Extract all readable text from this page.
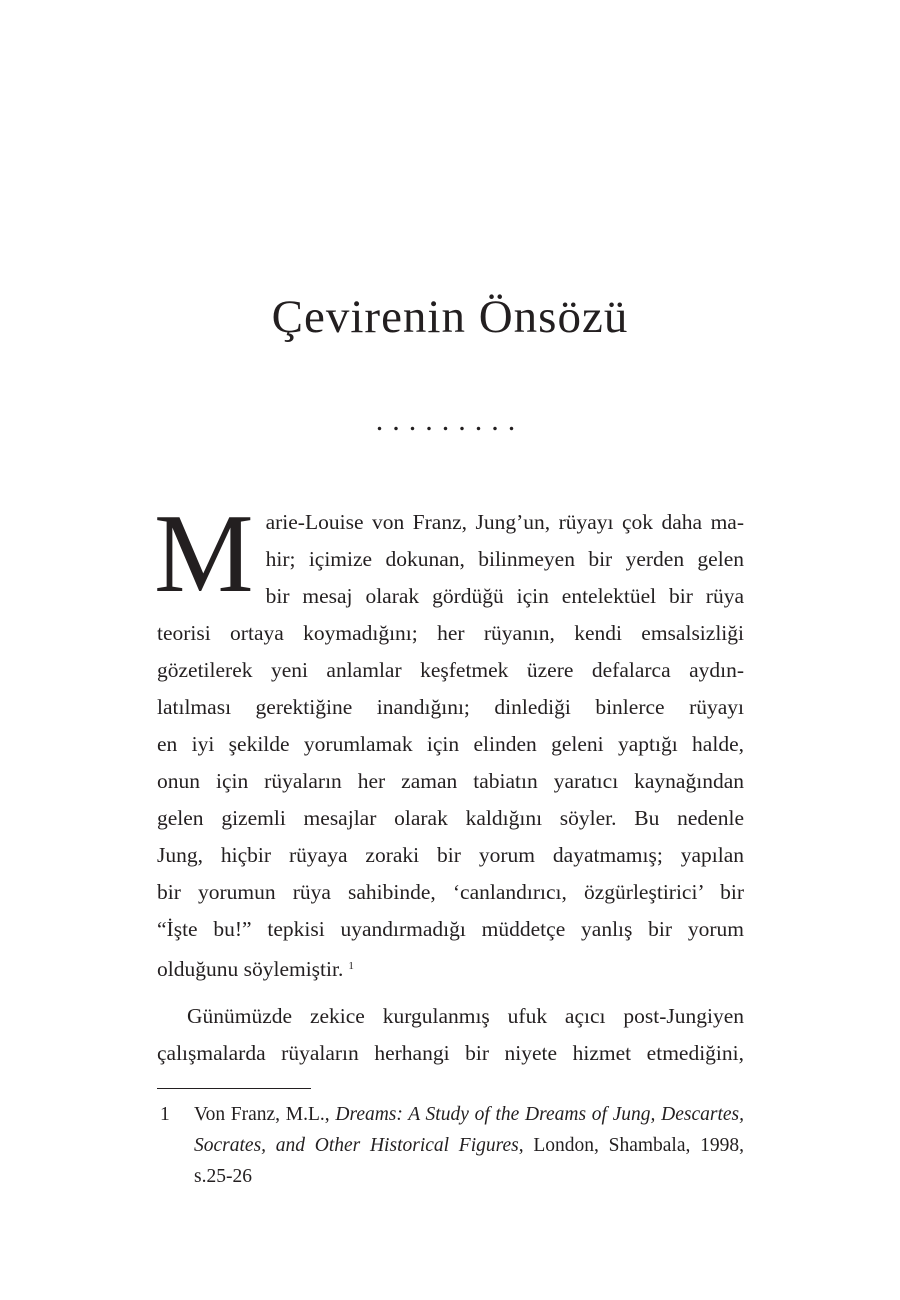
Çevirenin Önsözü
.........
M arie-Louise von Franz, Jung’un, rüyayı çok daha ma-
hir; içimize dokunan, bilinmeyen bir yerden gelen
bir mesaj olarak gördüğü için entelektüel bir rüya
teorisi ortaya koymadığını; her rüyanın, kendi emsalsizliği
gözetilerek yeni anlamlar keşfetmek üzere defalarca aydın-
latılması gerektiğine inandığını; dinlediği binlerce rüyayı
en iyi şekilde yorumlamak için elinden geleni yaptığı halde,
onun için rüyaların her zaman tabiatın yaratıcı kaynağından
gelen gizemli mesajlar olarak kaldığını söyler. Bu nedenle
Jung, hiçbir rüyaya zoraki bir yorum dayatmamış; yapılan
bir yorumun rüya sahibinde, ‘canlandırıcı, özgürleştirici’ bir
“İşte bu!” tepkisi uyandırmadığı müddetçe yanlış bir yorum
olduğunu söylemiştir. $^1$
Günümüzde zekice kurgulanmış ufuk açıcı post-Jungiyen
çalışmalarda rüyaların herhangi bir niyete hizmet etmediğini,
1 Von Franz, M.L., Dreams: A Study of the Dreams of Jung, Descartes,
Socrates, and Other Historical Figures, London, Shambala, 1998,
s.25-26
